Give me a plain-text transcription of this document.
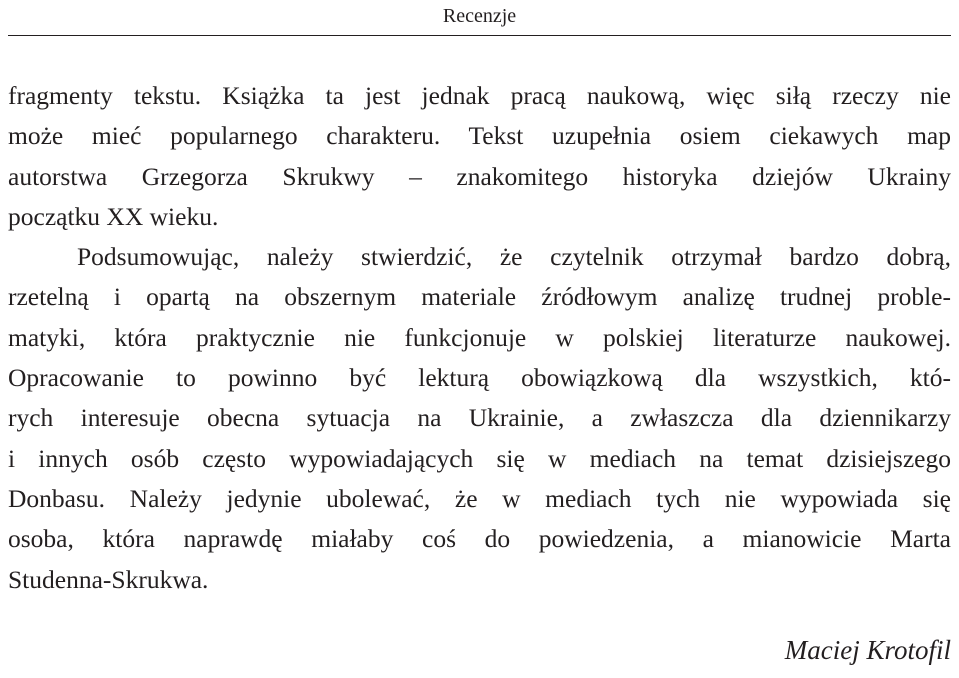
Recenzje

fragmenty tekstu. Książka ta jest jednak pracą naukową, więc siłą rzeczy nie
może mieć popularnego charakteru. Tekst uzupełnia osiem ciekawych map
autorstwa Grzegorza Skrukwy – znakomitego historyka dziejów Ukrainy
początku XX wieku.

Podsumowując, należy stwierdzić, że czytelnik otrzymał bardzo dobrą,
rzetelną i opartą na obszernym materiale źródłowym analizę trudnej proble-
matyki, która praktycznie nie funkcjonuje w polskiej literaturze naukowej.
Opracowanie to powinno być lekturą obowiązkową dla wszystkich, któ-
rych interesuje obecna sytuacja na Ukrainie, a zwłaszcza dla dziennikarzy
i innych osób często wypowiadających się w mediach na temat dzisiejszego
Donbasu. Należy jedynie ubolewać, że w mediach tych nie wypowiada się
osoba, która naprawdę miałaby coś do powiedzenia, a mianowicie Marta
Studenna-Skrukwa.

Maciej Krotofil
